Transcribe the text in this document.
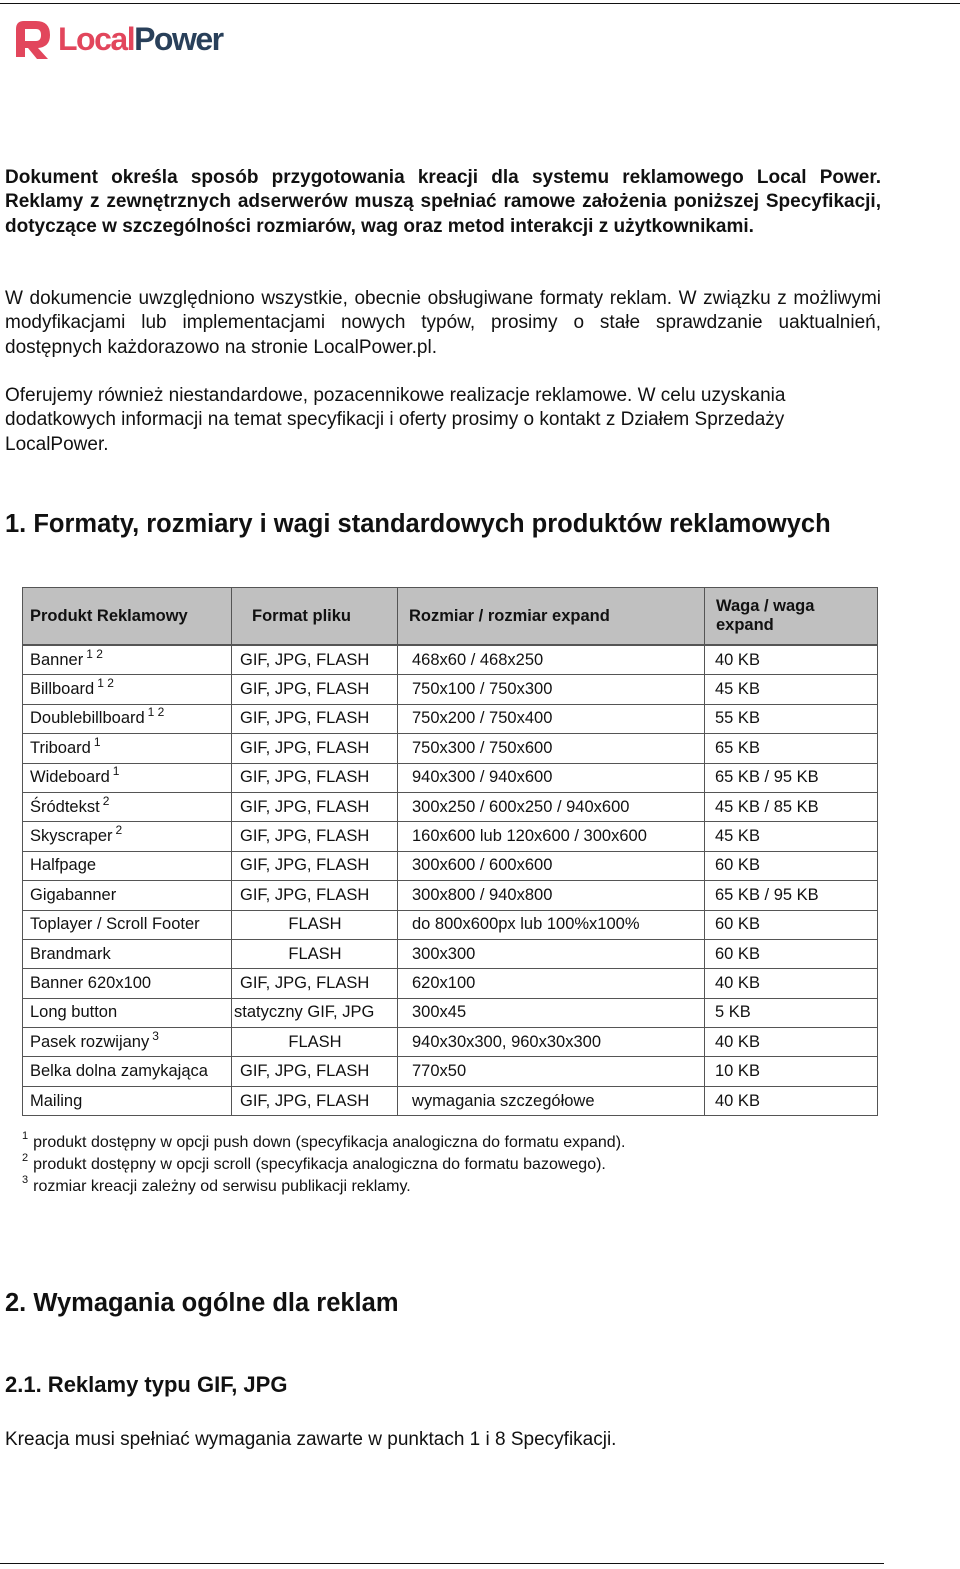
LocalPower

Dokument określa sposób przygotowania kreacji dla systemu reklamowego Local Power. Reklamy z zewnętrznych adserwerów muszą spełniać ramowe założenia poniższej Specyfikacji, dotyczące w szczególności rozmiarów, wag oraz metod interakcji z użytkownikami.

W dokumencie uwzględniono wszystkie, obecnie obsługiwane formaty reklam. W związku z możliwymi modyfikacjami lub implementacjami nowych typów, prosimy o stałe sprawdzanie uaktualnień, dostępnych każdorazowo na stronie LocalPower.pl.

Oferujemy również niestandardowe, pozacennikowe realizacje reklamowe. W celu uzyskania dodatkowych informacji na temat specyfikacji i oferty prosimy o kontakt z Działem Sprzedaży LocalPower.

1. Formaty, rozmiary i wagi standardowych produktów reklamowych
Produkt Reklamowy	Format pliku	Rozmiar / rozmiar expand	Waga / waga expand

Banner $^{1 2}$	GIF, JPG, FLASH	468x60 / 468x250	40 KB
Billboard $^{1 2}$	GIF, JPG, FLASH	750x100 / 750x300	45 KB
Doublebillboard $^{1 2}$	GIF, JPG, FLASH	750x200 / 750x400	55 KB
Triboard $^1$	GIF, JPG, FLASH	750x300 / 750x600	65 KB
Wideboard $^1$	GIF, JPG, FLASH	940x300 / 940x600	65 KB / 95 KB
Śródtekst $^2$	GIF, JPG, FLASH	300x250 / 600x250 / 940x600	45 KB / 85 KB
Skyscraper $^2$	GIF, JPG, FLASH	160x600 lub 120x600 / 300x600	45 KB
Halfpage	GIF, JPG, FLASH	300x600 / 600x600	60 KB
Gigabanner	GIF, JPG, FLASH	300x800 / 940x800	65 KB / 95 KB
Toplayer / Scroll Footer	FLASH	do 800x600px lub 100%x100%	60 KB
Brandmark	FLASH	300x300	60 KB
Banner 620x100	GIF, JPG, FLASH	620x100	40 KB
Long button	statyczny GIF, JPG	300x45	5 KB
Pasek rozwijany $^3$	FLASH	940x30x300, 960x30x300	40 KB
Belka dolna zamykająca	GIF, JPG, FLASH	770x50	10 KB
Mailing	GIF, JPG, FLASH	wymagania szczegółowe	40 KB
$^1$ produkt dostępny w opcji push down (specyfikacja analogiczna do formatu expand).
$^2$ produkt dostępny w opcji scroll (specyfikacja analogiczna do formatu bazowego).
$^3$ rozmiar kreacji zależny od serwisu publikacji reklamy.
2. Wymagania ogólne dla reklam
2.1. Reklamy typu GIF, JPG

Kreacja musi spełniać wymagania zawarte w punktach 1 i 8 Specyfikacji.
